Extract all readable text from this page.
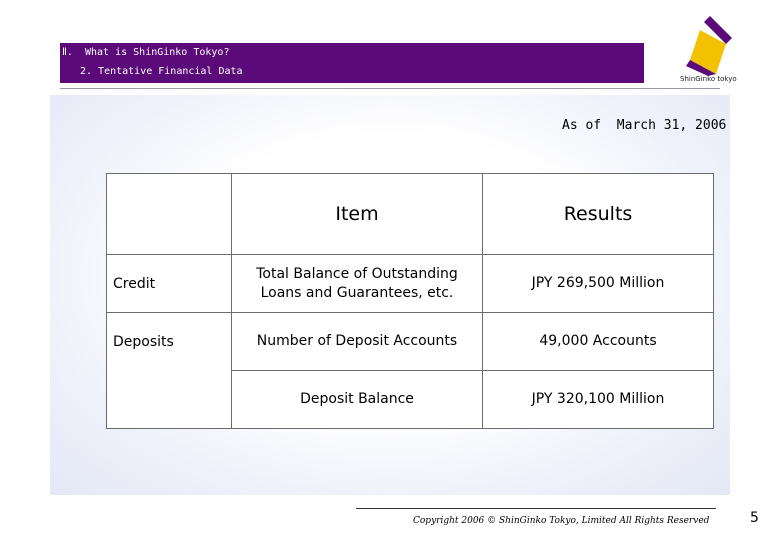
Ⅱ.  What is ShinGinko Tokyo?
2. Tentative Financial Data
ShinGinko tokyo
As of  March 31, 2006
	Item	Results
Credit	Total Balance of Outstanding Loans and Guarantees, etc.	JPY 269,500 Million
Deposits	Number of Deposit Accounts	49,000 Accounts
	Deposit Balance	JPY 320,100 Million
Copyright 2006 © ShinGinko Tokyo, Limited All Rights Reserved	5
